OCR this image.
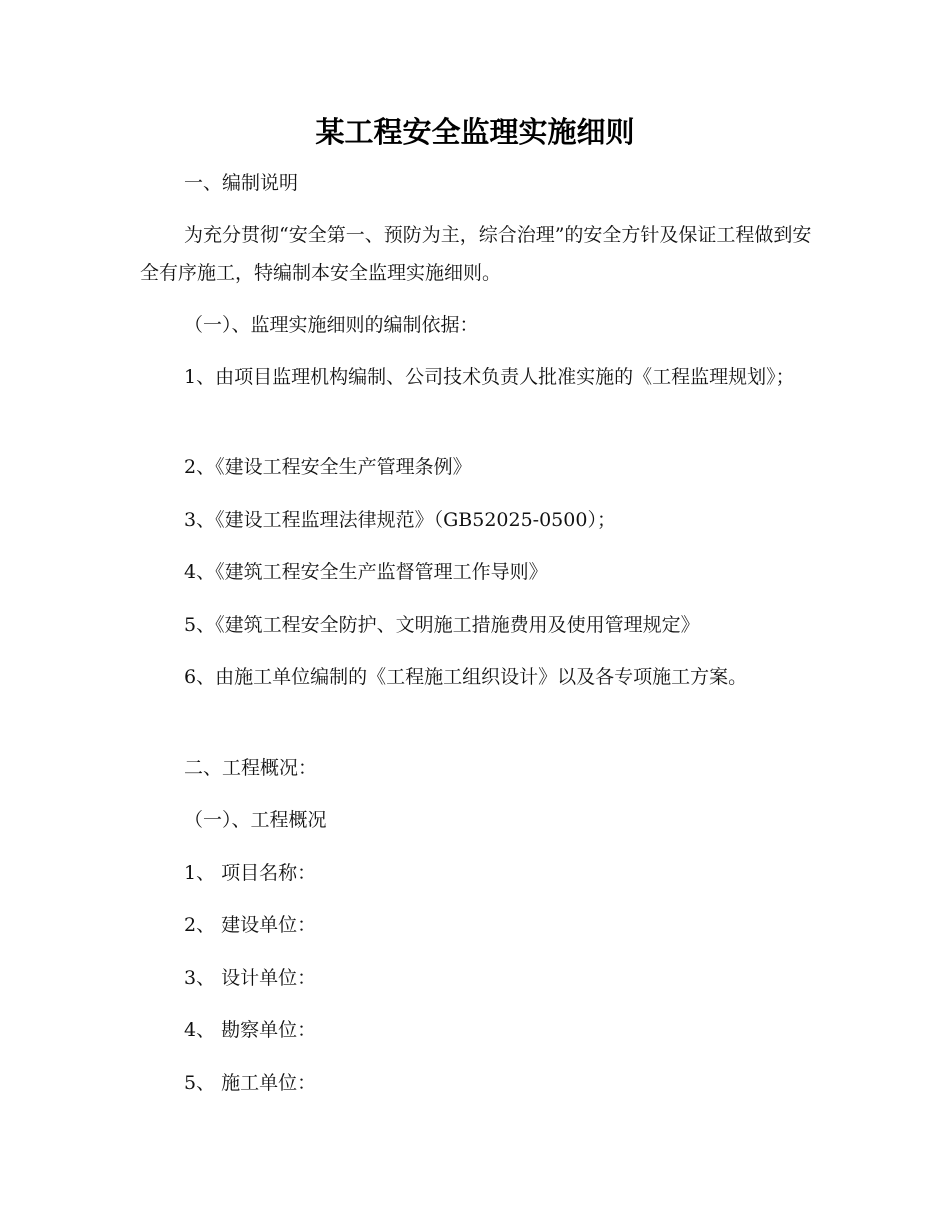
某工程安全监理实施细则
一、编制说明
为充分贯彻“安全第一、预防为主，综合治理”的安全方针及保证工程做到安全有序施工，特编制本安全监理实施细则。
（一）、监理实施细则的编制依据：
1、由项目监理机构编制、公司技术负责人批准实施的《工程监理规划》；
2、《建设工程安全生产管理条例》
3、《建设工程监理法律规范》（GB52025-0500）；
4、《建筑工程安全生产监督管理工作导则》
5、《建筑工程安全防护、文明施工措施费用及使用管理规定》
6、由施工单位编制的《工程施工组织设计》以及各专项施工方案。
二、工程概况：
（一）、工程概况
1、 项目名称：
2、 建设单位：
3、 设计单位：
4、 勘察单位：
5、 施工单位：
